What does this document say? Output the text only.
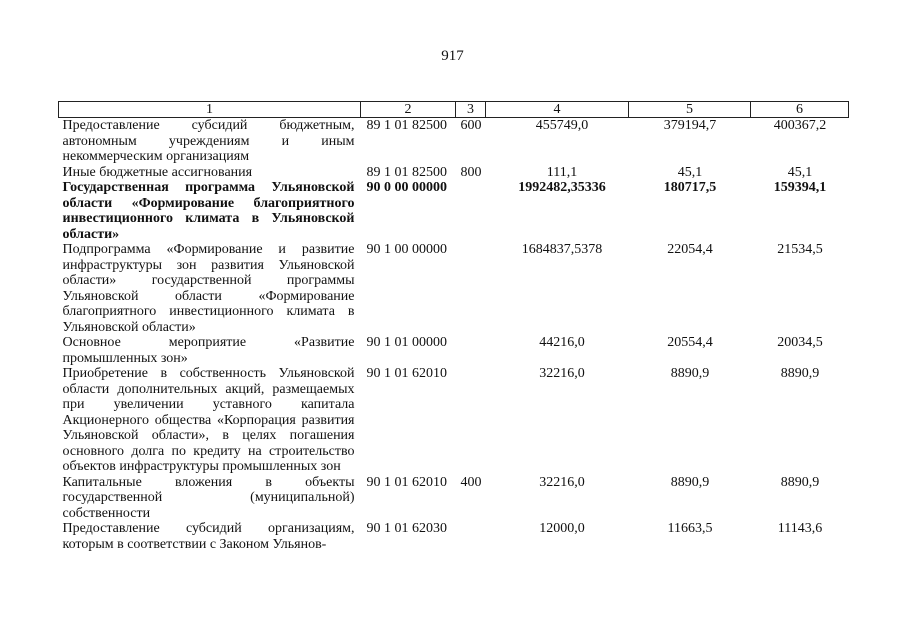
917
1	2	3	4	5	6
Предоставление субсидий бюджетным, автономным учреждениям и иным некоммерческим организациям	89 1 01 82500	600	455749,0	379194,7	400367,2
Иные бюджетные ассигнования	89 1 01 82500	800	111,1	45,1	45,1
Государственная программа Ульяновской области «Формирование благоприятного инвестиционного климата в Ульяновской области»	90 0 00 00000		1992482,35336	180717,5	159394,1
Подпрограмма «Формирование и развитие инфраструктуры зон развития Ульяновской области» государственной программы Ульяновской области «Формирование благоприятного инвестиционного климата в Ульяновской области»	90 1 00 00000		1684837,5378	22054,4	21534,5
Основное мероприятие «Развитие промышленных зон»	90 1 01 00000		44216,0	20554,4	20034,5
Приобретение в собственность Ульяновской области дополнительных акций, размещаемых при увеличении уставного капитала Акционерного общества «Корпорация развития Ульяновской области», в целях погашения основного долга по кредиту на строительство объектов инфраструктуры промышленных зон	90 1 01 62010		32216,0	8890,9	8890,9
Капитальные вложения в объекты государственной (муниципальной) собственности	90 1 01 62010	400	32216,0	8890,9	8890,9
Предоставление субсидий организациям, которым в соответствии с Законом Ульянов-	90 1 01 62030		12000,0	11663,5	11143,6
